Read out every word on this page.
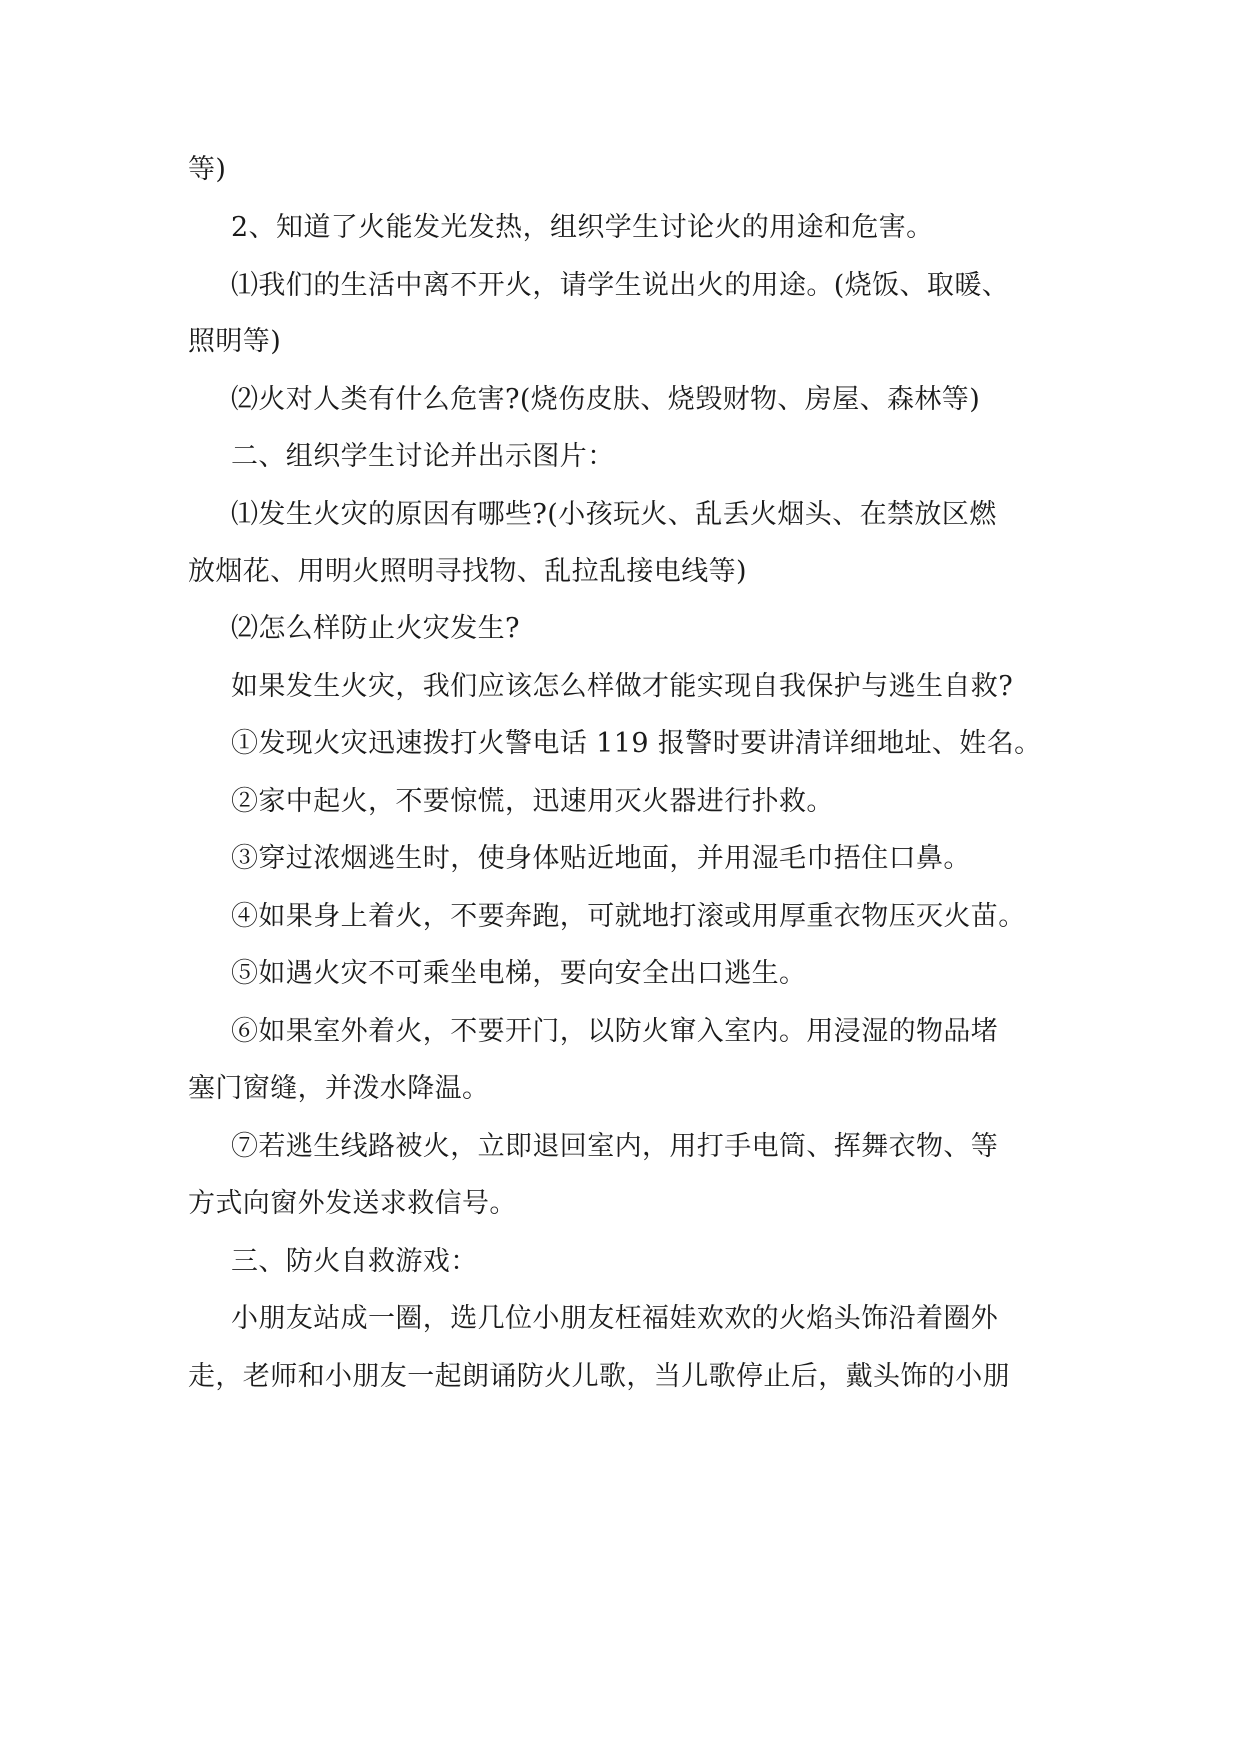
等)
2、知道了火能发光发热，组织学生讨论火的用途和危害。
⑴我们的生活中离不开火，请学生说出火的用途。(烧饭、取暖、
照明等)
⑵火对人类有什么危害?(烧伤皮肤、烧毁财物、房屋、森林等)
二、组织学生讨论并出示图片：
⑴发生火灾的原因有哪些?(小孩玩火、乱丢火烟头、在禁放区燃
放烟花、用明火照明寻找物、乱拉乱接电线等)
⑵怎么样防止火灾发生?
如果发生火灾，我们应该怎么样做才能实现自我保护与逃生自救?
①发现火灾迅速拨打火警电话 119 报警时要讲清详细地址、姓名。
②家中起火，不要惊慌，迅速用灭火器进行扑救。
③穿过浓烟逃生时，使身体贴近地面，并用湿毛巾捂住口鼻。
④如果身上着火，不要奔跑，可就地打滚或用厚重衣物压灭火苗。
⑤如遇火灾不可乘坐电梯，要向安全出口逃生。
⑥如果室外着火，不要开门，以防火窜入室内。用浸湿的物品堵
塞门窗缝，并泼水降温。
⑦若逃生线路被火，立即退回室内，用打手电筒、挥舞衣物、等
方式向窗外发送求救信号。
三、防火自救游戏：
小朋友站成一圈，选几位小朋友枉福娃欢欢的火焰头饰沿着圈外
走，老师和小朋友一起朗诵防火儿歌，当儿歌停止后，戴头饰的小朋
